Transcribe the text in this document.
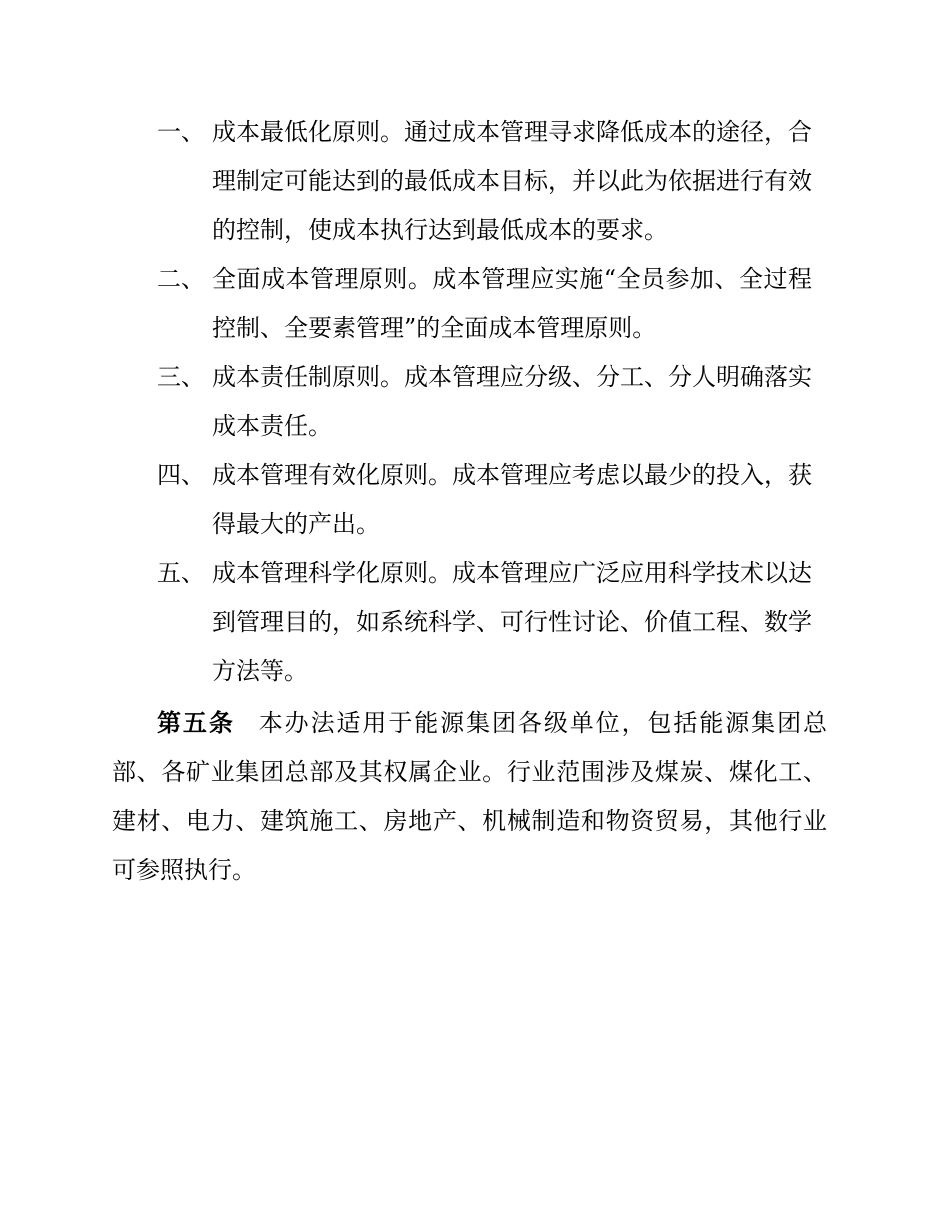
一、 成本最低化原则。通过成本管理寻求降低成本的途径，合理制定可能达到的最低成本目标，并以此为依据进行有效的控制，使成本执行达到最低成本的要求。
二、 全面成本管理原则。成本管理应实施“全员参加、全过程控制、全要素管理”的全面成本管理原则。
三、 成本责任制原则。成本管理应分级、分工、分人明确落实成本责任。
四、 成本管理有效化原则。成本管理应考虑以最少的投入，获得最大的产出。
五、 成本管理科学化原则。成本管理应广泛应用科学技术以达到管理目的，如系统科学、可行性讨论、价值工程、数学方法等。

第五条 本办法适用于能源集团各级单位，包括能源集团总部、各矿业集团总部及其权属企业。行业范围涉及煤炭、煤化工、建材、电力、建筑施工、房地产、机械制造和物资贸易，其他行业可参照执行。
